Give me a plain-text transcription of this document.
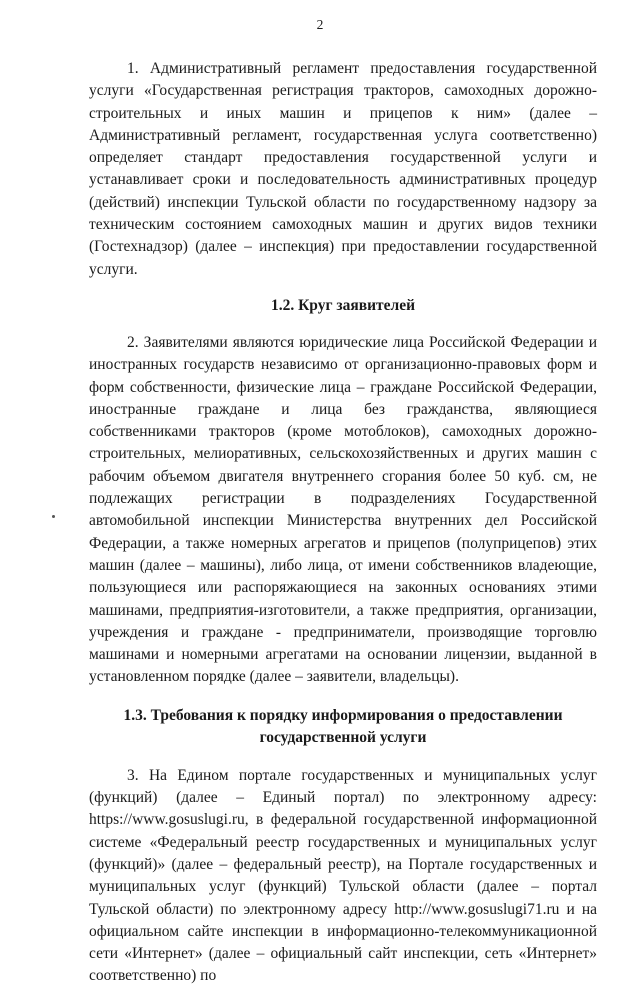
2

1. Административный регламент предоставления государственной услуги «Государственная регистрация тракторов, самоходных дорожно-строительных и иных машин и прицепов к ним» (далее – Административный регламент, государственная услуга соответственно) определяет стандарт предоставления государственной услуги и устанавливает сроки и последовательность административных процедур (действий) инспекции Тульской области по государственному надзору за техническим состоянием самоходных машин и других видов техники (Гостехнадзор) (далее – инспекция) при предоставлении государственной услуги.

1.2. Круг заявителей

2. Заявителями являются юридические лица Российской Федерации и иностранных государств независимо от организационно-правовых форм и форм собственности, физические лица – граждане Российской Федерации, иностранные граждане и лица без гражданства, являющиеся собственниками тракторов (кроме мотоблоков), самоходных дорожно-строительных, мелиоративных, сельскохозяйственных и других машин с рабочим объемом двигателя внутреннего сгорания более 50 куб. см, не подлежащих регистрации в подразделениях Государственной автомобильной инспекции Министерства внутренних дел Российской Федерации, а также номерных агрегатов и прицепов (полуприцепов) этих машин (далее – машины), либо лица, от имени собственников владеющие, пользующиеся или распоряжающиеся на законных основаниях этими машинами, предприятия-изготовители, а также предприятия, организации, учреждения и граждане - предприниматели, производящие торговлю машинами и номерными агрегатами на основании лицензии, выданной в установленном порядке (далее – заявители, владельцы).

1.3. Требования к порядку информирования о предоставлении
государственной услуги

3. На Едином портале государственных и муниципальных услуг (функций) (далее – Единый портал) по электронному адресу: https://www.gosuslugi.ru, в федеральной государственной информационной системе «Федеральный реестр государственных и муниципальных услуг (функций)» (далее – федеральный реестр), на Портале государственных и муниципальных услуг (функций) Тульской области (далее – портал Тульской области) по электронному адресу http://www.gosuslugi71.ru и на официальном сайте инспекции в информационно-телекоммуникационной сети «Интернет» (далее – официальный сайт инспекции, сеть «Интернет» соответственно) по
